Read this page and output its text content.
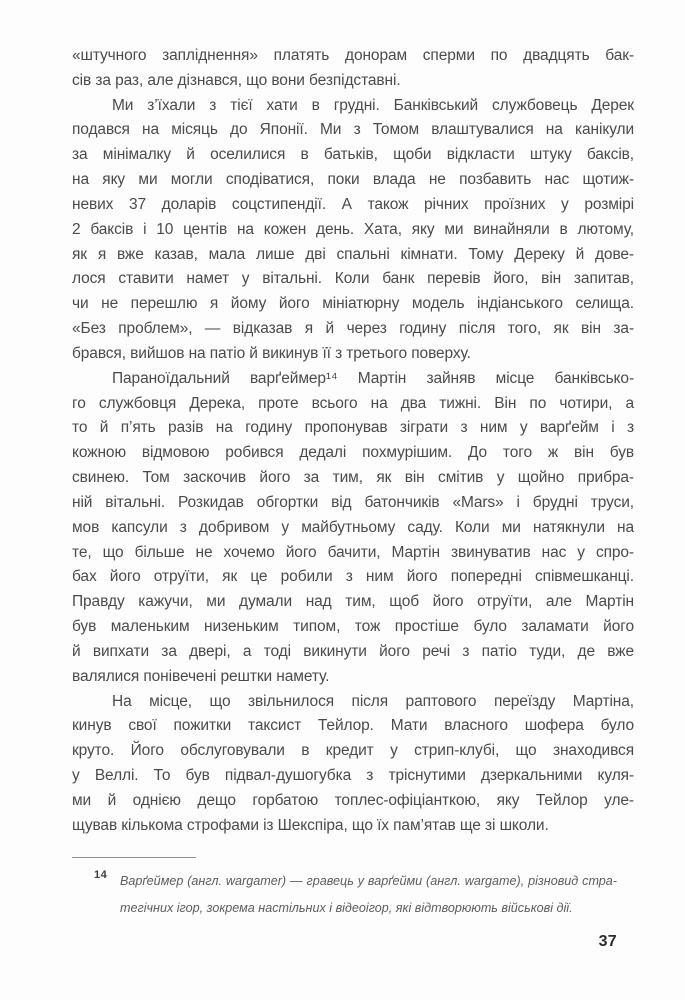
«штучного запліднення» платять донорам сперми по двадцять бак-
сів за раз, але дізнався, що вони безпідставні.
Ми з’їхали з тієї хати в грудні. Банківський службовець Дерек
подався на місяць до Японії. Ми з Томом влаштувалися на канікули
за мінімалку й оселилися в батьків, щоби відкласти штуку баксів,
на яку ми могли сподіватися, поки влада не позбавить нас щотиж-
невих 37 доларів соцстипендії. А також річних проїзних у розмірі
2 баксів і 10 центів на кожен день. Хата, яку ми винайняли в лютому,
як я вже казав, мала лише дві спальні кімнати. Тому Дереку й дове-
лося ставити намет у вітальні. Коли банк перевів його, він запитав,
чи не перешлю я йому його мініатюрну модель індіанського селища.
«Без проблем», — відказав я й через годину після того, як він за-
брався, вийшов на патіо й викинув її з третього поверху.
Параноїдальний варґеймер¹⁴ Мартін зайняв місце банківсько-
го службовця Дерека, проте всього на два тижні. Він по чотири, а
то й п’ять разів на годину пропонував зіграти з ним у варґейм і з
кожною відмовою робився дедалі похмурішим. До того ж він був
свинею. Том заскочив його за тим, як він смітив у щойно прибра-
ній вітальні. Розкидав обгортки від батончиків «Mars» і брудні труси,
мов капсули з добривом у майбутньому саду. Коли ми натякнули на
те, що більше не хочемо його бачити, Мартін звинуватив нас у спро-
бах його отруїти, як це робили з ним його попередні співмешканці.
Правду кажучи, ми думали над тим, щоб його отруїти, але Мартін
був маленьким низеньким типом, тож простіше було заламати його
й випхати за двері, а тоді викинути його речі з патіо туди, де вже
валялися понівечені рештки намету.
На місце, що звільнилося після раптового переїзду Мартіна,
кинув свої пожитки таксист Тейлор. Мати власного шофера було
круто. Його обслуговували в кредит у стрип-клубі, що знаходився
у Веллі. То був підвал-душогубка з тріснутими дзеркальними куля-
ми й однією дещо горбатою топлес-офіціанткою, яку Тейлор уле-
щував кількома строфами із Шекспіра, що їх пам’ятав ще зі школи.
14 Варґеймер (англ. wargamer) — гравець у варґейми (англ. wargame), різновид стра-
тегічних ігор, зокрема настільних і відеоігор, які відтворюють військові дії.
37
